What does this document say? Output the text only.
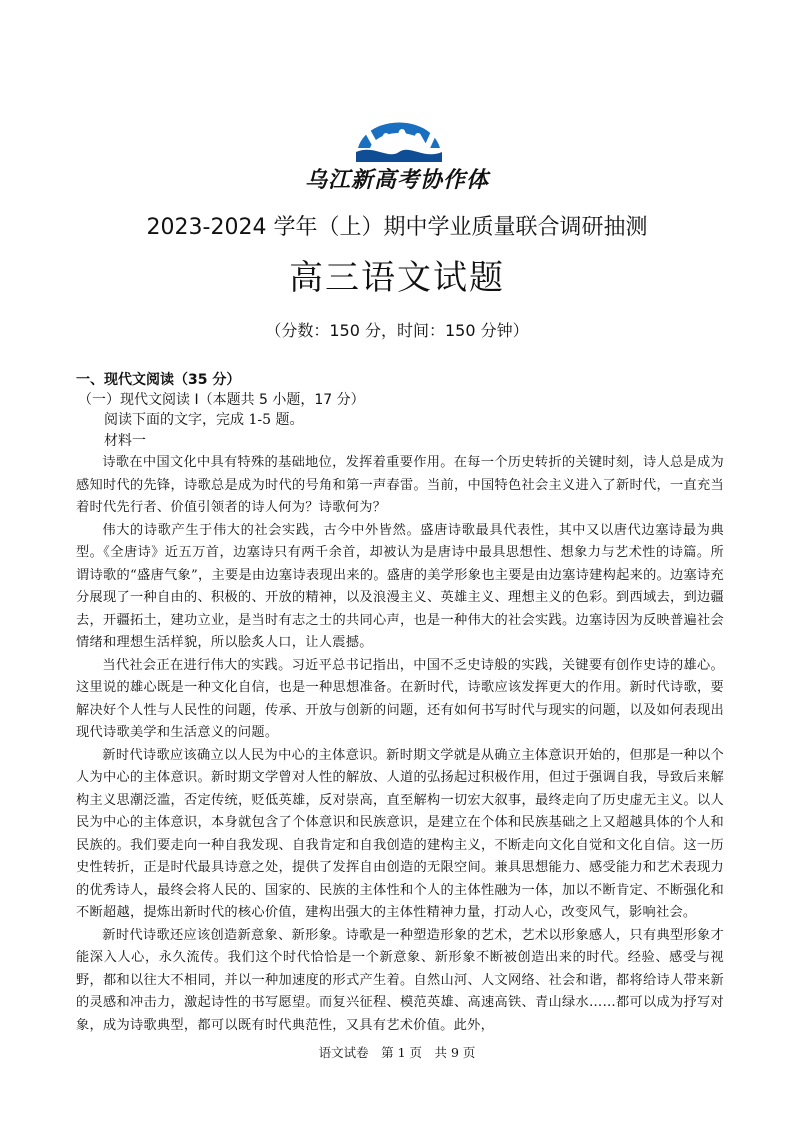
乌江新高考协作体
2023-2024 学年（上）期中学业质量联合调研抽测
高三语文试题
（分数：150 分，时间：150 分钟）
一、现代文阅读（35 分）
（一）现代文阅读 I（本题共 5 小题，17 分）
阅读下面的文字，完成 1-5 题。
材料一

诗歌在中国文化中具有特殊的基础地位，发挥着重要作用。在每一个历史转折的关键时刻，诗人总是成为感知时代的先锋，诗歌总是成为时代的号角和第一声春雷。当前，中国特色社会主义进入了新时代，一直充当着时代先行者、价值引领者的诗人何为？诗歌何为？

伟大的诗歌产生于伟大的社会实践，古今中外皆然。盛唐诗歌最具代表性，其中又以唐代边塞诗最为典型。《全唐诗》近五万首，边塞诗只有两千余首，却被认为是唐诗中最具思想性、想象力与艺术性的诗篇。所谓诗歌的“盛唐气象”，主要是由边塞诗表现出来的。盛唐的美学形象也主要是由边塞诗建构起来的。边塞诗充分展现了一种自由的、积极的、开放的精神，以及浪漫主义、英雄主义、理想主义的色彩。到西域去，到边疆去，开疆拓土，建功立业，是当时有志之士的共同心声，也是一种伟大的社会实践。边塞诗因为反映普遍社会情绪和理想生活样貌，所以脍炙人口，让人震撼。

当代社会正在进行伟大的实践。习近平总书记指出，中国不乏史诗般的实践，关键要有创作史诗的雄心。这里说的雄心既是一种文化自信，也是一种思想准备。在新时代，诗歌应该发挥更大的作用。新时代诗歌，要解决好个人性与人民性的问题，传承、开放与创新的问题，还有如何书写时代与现实的问题，以及如何表现出现代诗歌美学和生活意义的问题。

新时代诗歌应该确立以人民为中心的主体意识。新时期文学就是从确立主体意识开始的，但那是一种以个人为中心的主体意识。新时期文学曾对人性的解放、人道的弘扬起过积极作用，但过于强调自我，导致后来解构主义思潮泛滥，否定传统，贬低英雄，反对崇高，直至解构一切宏大叙事，最终走向了历史虚无主义。以人民为中心的主体意识，本身就包含了个体意识和民族意识，是建立在个体和民族基础之上又超越具体的个人和民族的。我们要走向一种自我发现、自我肯定和自我创造的建构主义，不断走向文化自觉和文化自信。这一历史性转折，正是时代最具诗意之处，提供了发挥自由创造的无限空间。兼具思想能力、感受能力和艺术表现力的优秀诗人，最终会将人民的、国家的、民族的主体性和个人的主体性融为一体，加以不断肯定、不断强化和不断超越，提炼出新时代的核心价值，建构出强大的主体性精神力量，打动人心，改变风气，影响社会。

新时代诗歌还应该创造新意象、新形象。诗歌是一种塑造形象的艺术，艺术以形象感人，只有典型形象才能深入人心，永久流传。我们这个时代恰恰是一个新意象、新形象不断被创造出来的时代。经验、感受与视野，都和以往大不相同，并以一种加速度的形式产生着。自然山河、人文网络、社会和谐，都将给诗人带来新的灵感和冲击力，激起诗性的书写愿望。而复兴征程、模范英雄、高速高铁、青山绿水……都可以成为抒写对象，成为诗歌典型，都可以既有时代典范性，又具有艺术价值。此外，

语文试卷　第 1 页　共 9 页
